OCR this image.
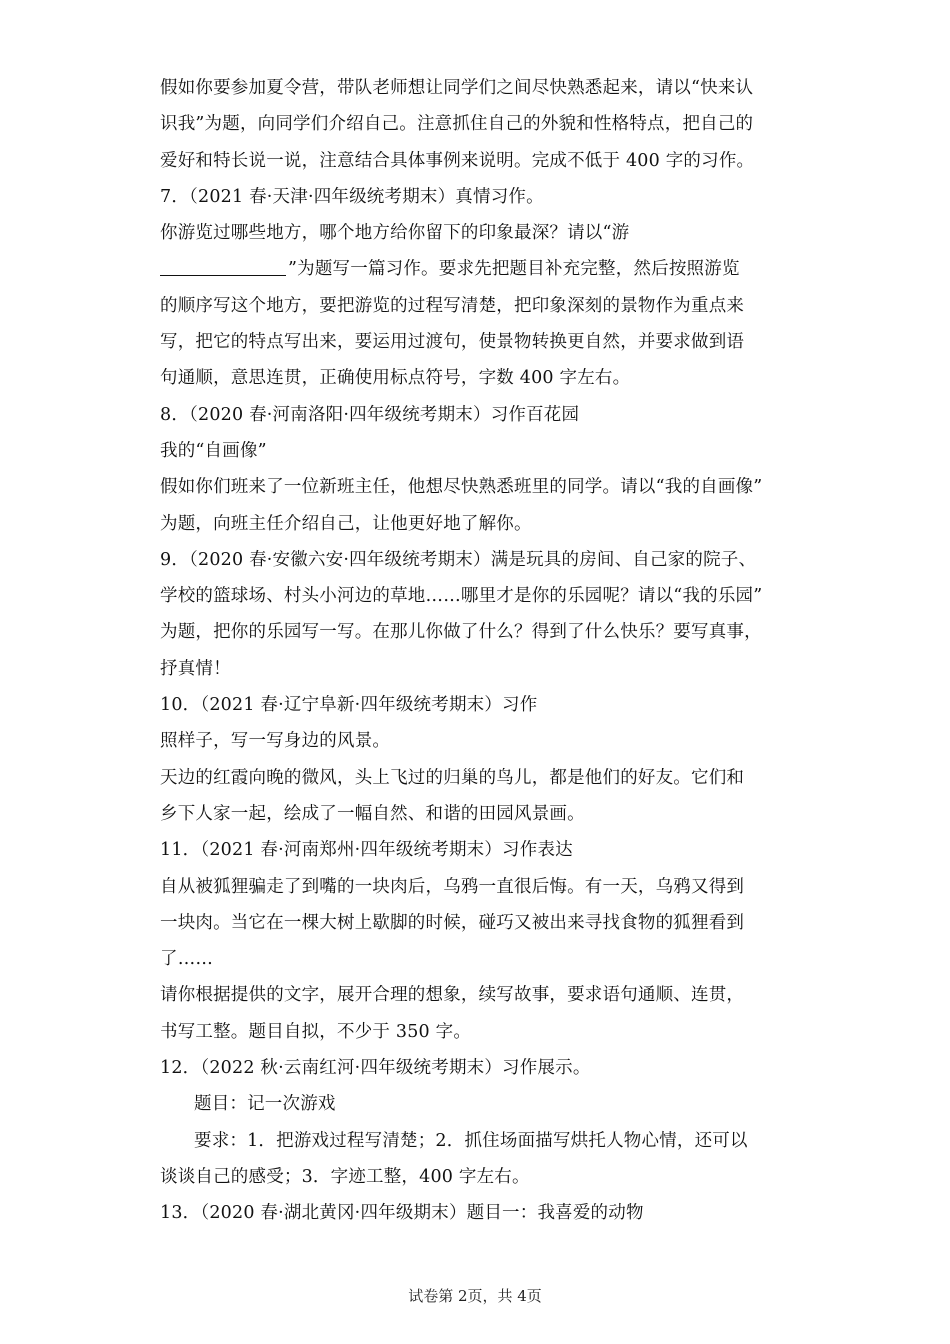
假如你要参加夏令营，带队老师想让同学们之间尽快熟悉起来，请以“快来认
识我”为题，向同学们介绍自己。注意抓住自己的外貌和性格特点，把自己的
爱好和特长说一说，注意结合具体事例来说明。完成不低于 400 字的习作。
7．（2021 春·天津·四年级统考期末）真情习作。
你游览过哪些地方，哪个地方给你留下的印象最深？请以“游
”为题写一篇习作。要求先把题目补充完整，然后按照游览
的顺序写这个地方，要把游览的过程写清楚，把印象深刻的景物作为重点来
写，把它的特点写出来，要运用过渡句，使景物转换更自然，并要求做到语
句通顺，意思连贯，正确使用标点符号，字数 400 字左右。
8．（2020 春·河南洛阳·四年级统考期末）习作百花园
我的“自画像”
假如你们班来了一位新班主任，他想尽快熟悉班里的同学。请以“我的自画像”
为题，向班主任介绍自己，让他更好地了解你。
9．（2020 春·安徽六安·四年级统考期末）满是玩具的房间、自己家的院子、
学校的篮球场、村头小河边的草地……哪里才是你的乐园呢？请以“我的乐园”
为题，把你的乐园写一写。在那儿你做了什么？得到了什么快乐？要写真事，
抒真情！
10．（2021 春·辽宁阜新·四年级统考期末）习作
照样子，写一写身边的风景。
天边的红霞向晚的微风，头上飞过的归巢的鸟儿，都是他们的好友。它们和
乡下人家一起，绘成了一幅自然、和谐的田园风景画。
11．（2021 春·河南郑州·四年级统考期末）习作表达
自从被狐狸骗走了到嘴的一块肉后，乌鸦一直很后悔。有一天，乌鸦又得到
一块肉。当它在一棵大树上歇脚的时候，碰巧又被出来寻找食物的狐狸看到
了……
请你根据提供的文字，展开合理的想象，续写故事，要求语句通顺、连贯，
书写工整。题目自拟，不少于 350 字。
12．（2022 秋·云南红河·四年级统考期末）习作展示。
题目：记一次游戏
要求：1．把游戏过程写清楚；2．抓住场面描写烘托人物心情，还可以
谈谈自己的感受；3．字迹工整，400 字左右。
13．（2020 春·湖北黄冈·四年级期末）题目一：我喜爱的动物
试卷第 2页，共 4页
